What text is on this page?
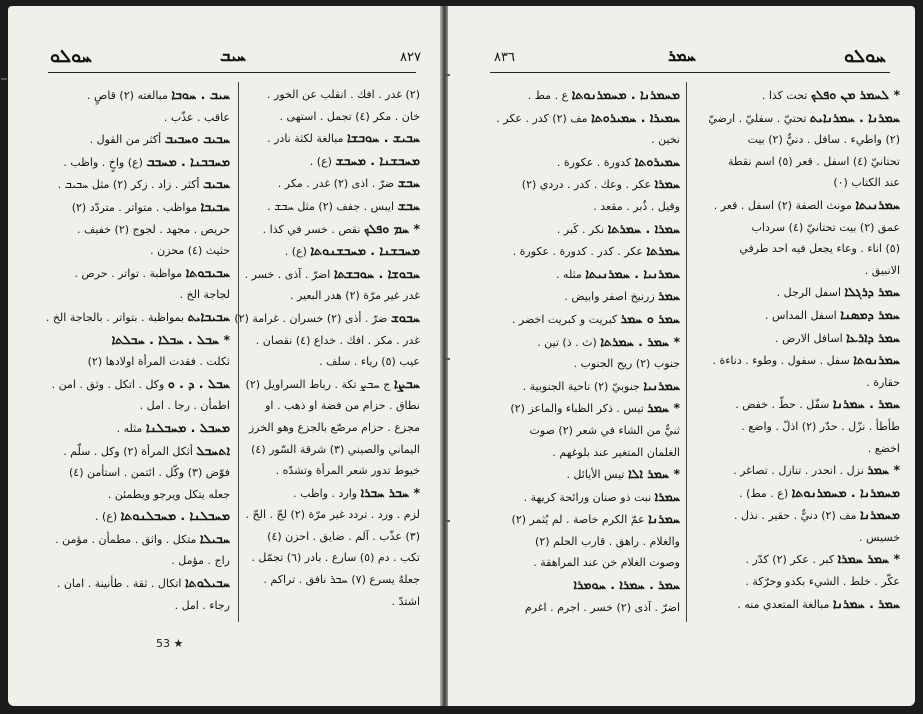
ܚܘܠܘ	ܚܝܒ	٨٢٧
ܚܝܒ . ܚܘܒܐ مبالغته (٢) قاصٍ .
عاقب . عذّب .
ܚܒܝܒ ܘܚܒܝܒ أكثر من القول .
ܡܚܒܒܢܐ . ܡܚܒܒ (ع) واخٍ . واظب .
ܚܒܝܒ أكثر . زاد . زكر (٢) مثل ܚܒܝܒ .
ܚܒܝܒܐ مواظب . متواتر . متردّد (٢)
حريص . مجهد . لجوج (٢) خفيف .
حثيث (٤) محزن .
ܚܒܝܒܘܬܐ مواظبة . تواتر . حرص .
لجاجة الخ .
ܚܒܝܒܐܝܬ بمواظبة . بتواتر . بالجاجة الخ .
* ܚܒܠ . ܚܒܠܐ . ܚܒܠܬܐ
ثكلت . فقدت المرأة اولادها (٢)
ܚܒܠ . ܕ . ܘ وكل . اتكل . وثق . امن .
اطمأن . رجا . امل .
ܡܚܒܠ . ܡܚܒܠܢܐ مثله .
ܐܬܚܒܠ أثكل المرأة (٢) وكل . سلّم .
فوّض (٣) وكّل . ائتمن . استأمن (٤)
جعله يتكل ويرجو ويطمئن .
ܡܚܒܠܢܐ . ܡܚܒܠܢܘܬܐ (ع) .
ܚܒܝܠܐ متكل . واثق . مطمأن . مؤمن .
راج . مؤمل .
ܚܒܝܠܘܬܐ اتكال . ثقة . طأنينة . امان .
رجاء . امل .
(٢) غدر . افك . انقلب عن الخور .
خان . مكر (٤) تجمل . استهى .
ܚܒܝܫ . ܚܘܒܫܐ مبالغة لكثة نادر .
ܡܚܒܫܢܐ . ܡܚܒܫ (ع) .
ܚܒܫ ضرّ . اذى (٢) غدر . مكر .
ܚܒܫ ايبس . جفف (٢) مثل ܚܒܫ .
* ܚܡ ܘܦܠܟ نقص . خسر في كذا .
ܡܚܒܫܢܐ . ܡܚܒܫܢܘܬܐ (ع) .
ܚܒܘܫܐ . ܚܘܒܫܬܐ اضرّ . آذى . خسر .
غدر غير مرّة (٢) هدر البعير .
ܚܒܘܫ ضرّ . أذى (٢) خسران . غرامة (٢)
غدر . مكر . افك . خداع (٤) نقصان .
عيب (٥) رياء . سلف .
ܚܒܨܐ ج ܚܒܨ تكة . رباط السراويل (٢)
نطاق . حزام من فضة او ذهب . او
مجزع . حزام مرصّع بالجزع وهو الخرز
اليماني والصيني (٣) شرقة السّور (٤)
خيوط تدور شعر المرأة وتشدّه .
* ܚܒܪ ܚܒܪܐ وارد . واظب .
لزم . ورد . تردد غير مرّة (٢) لحّ . الحّ .
(٣) عذّب . آلم . ضايق . احزن (٤)
تكب . دم (٥) سارع . بادر (٦) تجمّل .
جعلهُ يسرع (٧) ܚܒܪ نافق . تراكم .
اشتدّ .
53 ★
٨٣٦	ܚܡܪ	ܚܘܠܘ
ܡܚܡܪܢܐ . ܡܚܡܪܢܘܬܐ ع . مط .
ܚܡܝܪܐ . ܚܡܝܪܘܬܐ مف (٢) كدر . عكر .
نخين .
ܚܡܝܪܘܬܐ كدورة . عكورة .
ܚܡܪܐ عكر . وعك . كدر . دردي (٢)
وقيل . ذُبر . مقعد .
ܚܡܪܐ . ܚܡܪܬܐ نكر . كَبر .
ܚܡܪܬܐ عكر . كدر . كدورة . عكورة .
ܚܡܪܢܝܐ . ܚܡܪܢܝܬܐ مثله .
ܚܡܪ زرنيخ اصفر وابيض .
ܚܡܪ ܘ ܚܡܪ كبريت و كبريت اخضر .
* ܚܡܪ . ܚܡܪܬܐ (ث . ذ) تين .
جنوب (٢) ريح الجنوب .
ܚܡܪܢܝܐ جنوبيّ (٢) ناحية الجنوبية .
* ܚܡܪ تيس . ذكر الظباء والماعز (٢)
ثنيٌّ من الشاء في شعر (٢) صوت
الغلمان المتغير عند بلوغهم .
* ܚܡܪ ܐܠܐ تيس الأيائل .
ܚܡܪܐ نبت ذو صنان ورائحة كريهة .
ܚܡܪܢܐ عمّ الكرم خاصة . لم يُثمر (٢)
والغلام . راهق . قارب الحلم (٢)
وصوت الغلام خن عند المراهقة .
ܚܡܪ . ܚܡܪܐ . ܚܘܡܪܐ
اضرّ . آذى (٢) خسر . اجرم . اغرم
* ܠܚܡܪ ܡܢ ܘܦܠܟ تحت كذا .
ܚܡܪܢܐ . ܚܡܪܢܐܝܬ تحتيّ . سفليّ . ارضيّ
(٢) واطيء . سافل . دنيٌّ (٢) بيت
تحتانيّ (٤) اسفل . قعر (٥) اسم نقطة
عند الكتاب (٠)
ܚܡܪܢܝܬܐ مونث الصفة (٢) اسفل . قعر .
عمق (٢) بيت تحتانيّ (٤) سرداب
(٥) اناء . وعاء يجعل فيه احد طرفي
الانبيق .
ܚܡܪ ܕܪܓܠܐ اسفل الرجل .
ܚܡܪ ܕܡܣܢܐ اسفل المداس .
ܚܡܪ ܕܐܪܥܐ اسافل الارض .
ܚܡܪܢܘܬܐ سفل . سفول . وطوء . دناءة .
حقارة .
ܚܡܪ . ܚܡܪܢܐ سفّل . حطّ . خفض .
طأطأ . نزّل . حدّر (٢) اذلّ . واضع .
اخضع .
* ܚܡܪ نزل . انحدر . تنازل . تصاغر .
ܡܚܡܪܢܐ . ܡܚܡܪܢܘܬܐ (ع . مط) .
ܡܚܡܪܢܐ مف (٢) دنيٌّ . حقير . نذل .
خسيس .
* ܚܡܪ ܚܡܪܐ كبر . عكر (٢) كدّر .
عكّر . خلط . الشيء بكدو وحرّكة .
ܚܡܪ . ܚܡܪܢܐ مبالغة المتعدي منه .
